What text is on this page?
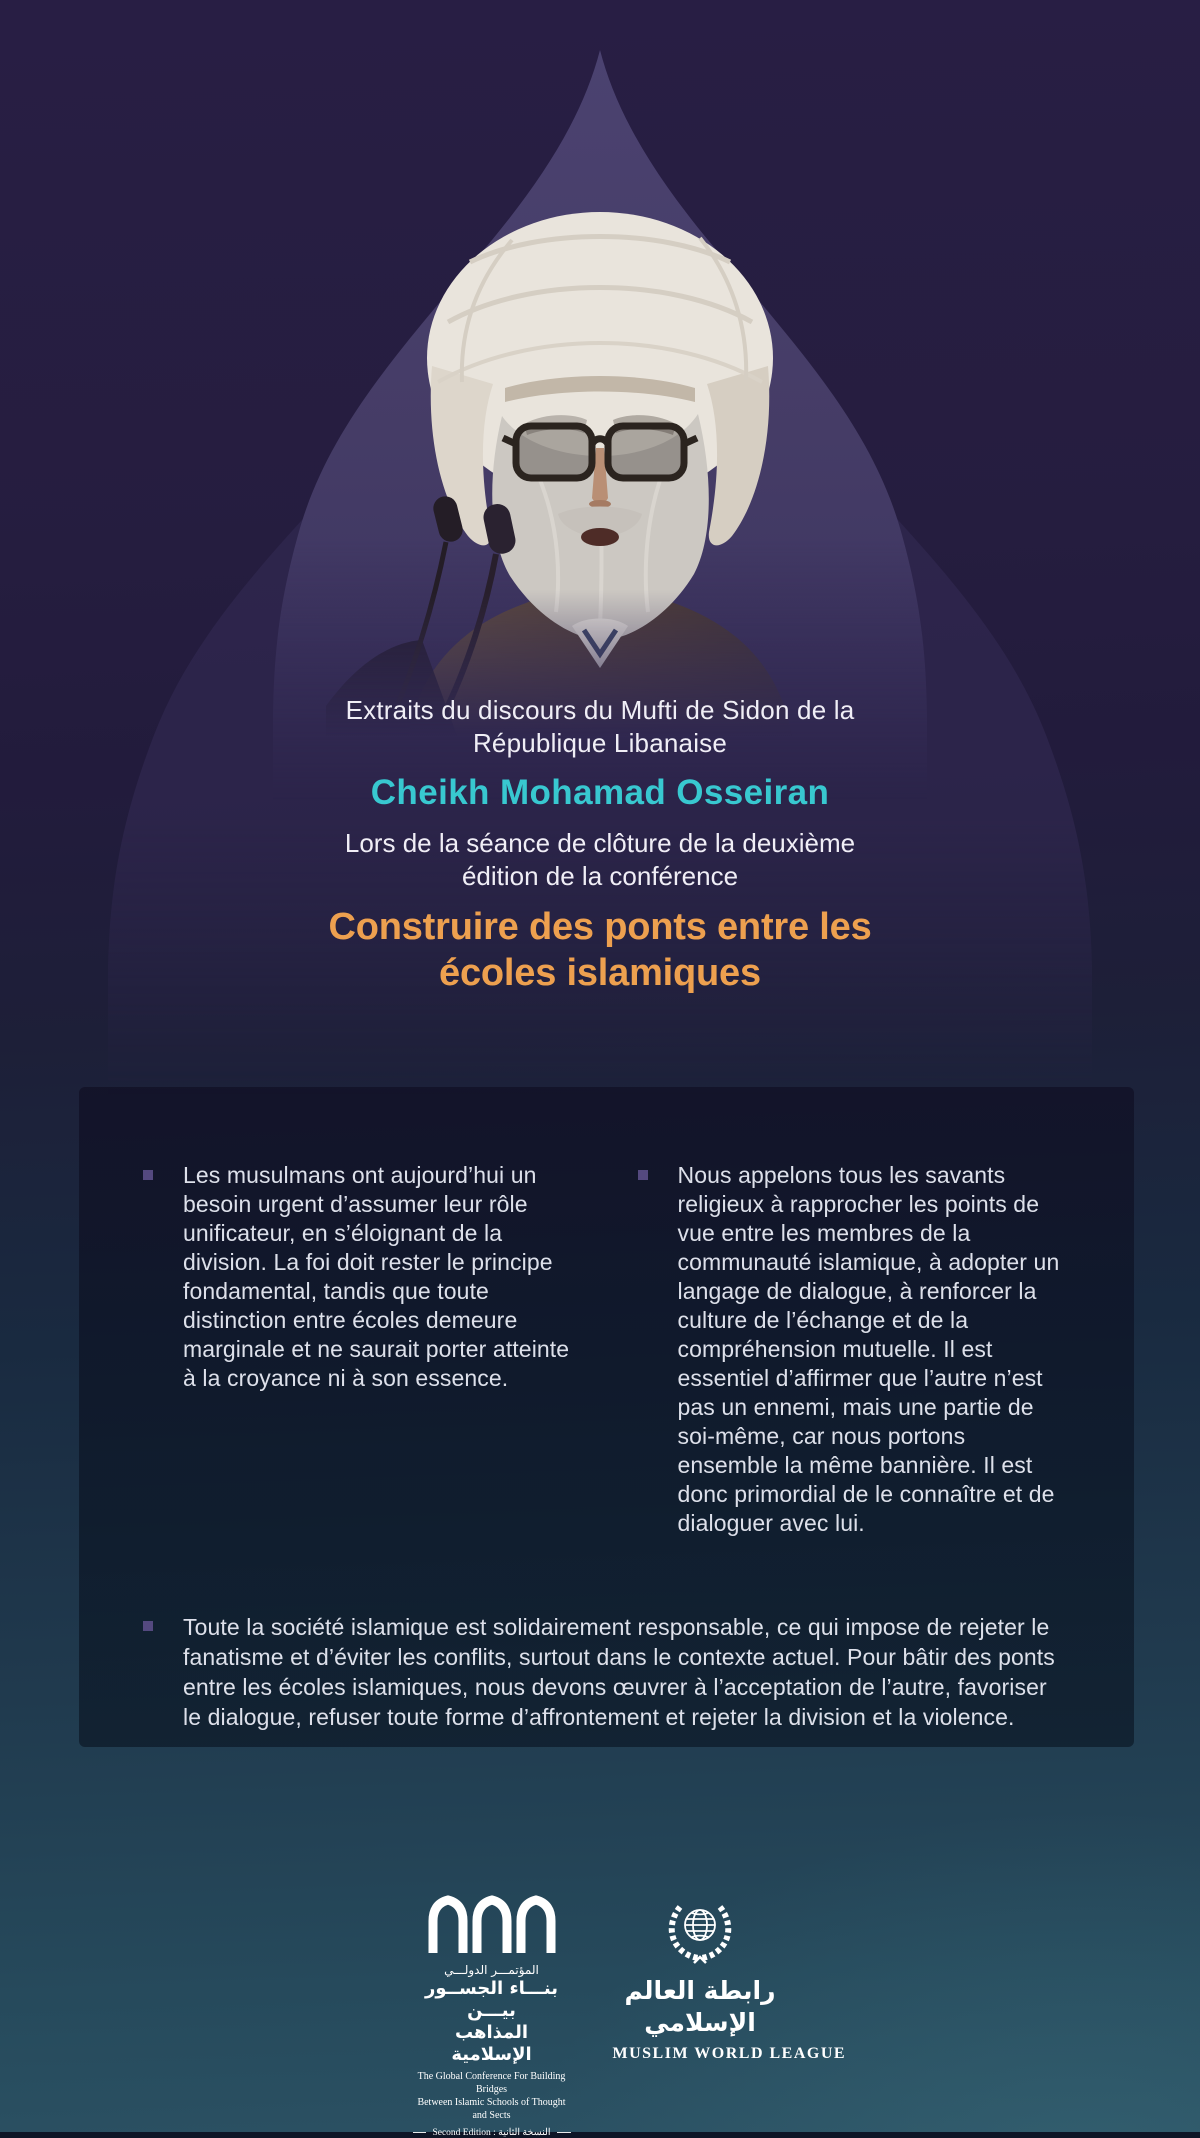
Extraits du discours du Mufti de Sidon de la
République Libanaise

Cheikh Mohamad Osseiran

Lors de la séance de clôture de la deuxième
édition de la conférence

Construire des ponts entre les
écoles islamiques

Les musulmans ont aujourd’hui un besoin urgent d’assumer leur rôle unificateur, en s’éloignant de la division. La foi doit rester le principe fondamental, tandis que toute distinction entre écoles demeure marginale et ne saurait porter atteinte à la croyance ni à son essence.

Nous appelons tous les savants religieux à rapprocher les points de vue entre les membres de la communauté islamique, à adopter un langage de dialogue, à renforcer la culture de l’échange et de la compréhension mutuelle. Il est essentiel d’affirmer que l’autre n’est pas un ennemi, mais une partie de soi-même, car nous portons ensemble la même bannière. Il est donc primordial de le connaître et de dialoguer avec lui.

Toute la société islamique est solidairement responsable, ce qui impose de rejeter le fanatisme et d’éviter les conflits, surtout dans le contexte actuel. Pour bâtir des ponts entre les écoles islamiques, nous devons œuvrer à l’acceptation de l’autre, favoriser le dialogue, refuser toute forme d’affrontement et rejeter la division et la violence.

المؤتمـــر الدولـــي
بنـــاء الجســور بيـــن
المذاهب الإسلامية
The Global Conference For Building Bridges
Between Islamic Schools of Thought and Sects
Second Edition : النسخة الثانية
رابطة العالم الإسلامي
MUSLIM WORLD LEAGUE
